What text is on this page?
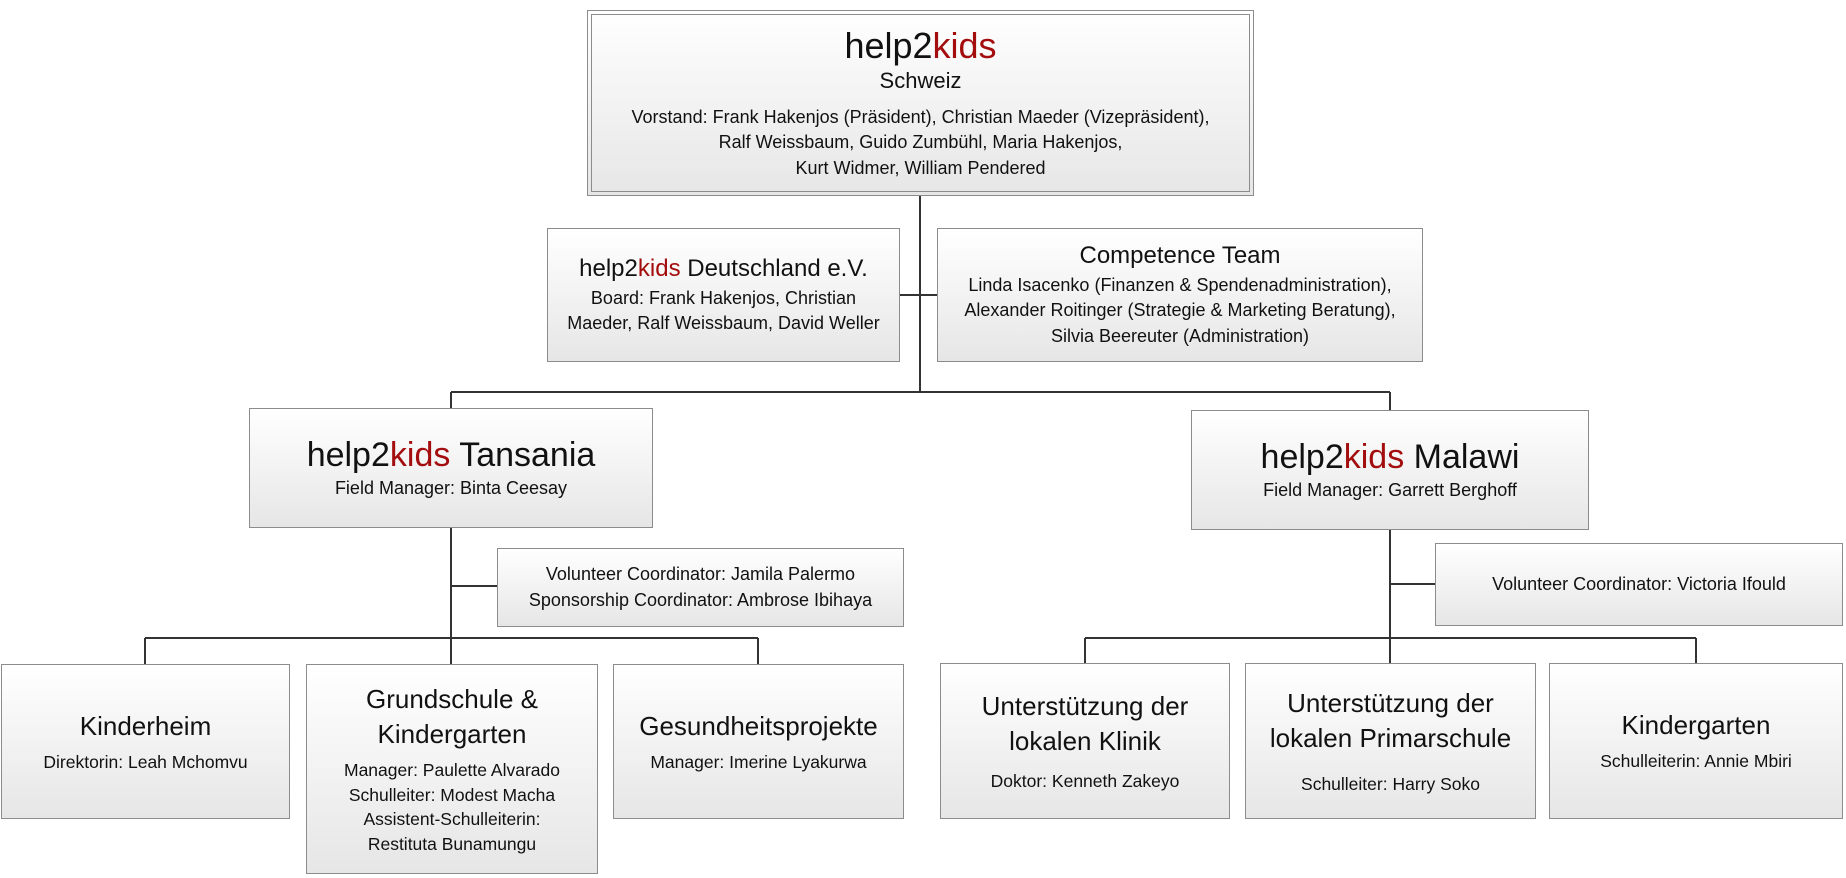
help2kids
Schweiz
Vorstand: Frank Hakenjos (Präsident), Christian Maeder (Vizepräsident),
Ralf Weissbaum, Guido Zumbühl, Maria Hakenjos,
Kurt Widmer, William Pendered
help2kids Deutschland e.V.
Board: Frank Hakenjos, Christian
Maeder, Ralf Weissbaum, David Weller
Competence Team
Linda Isacenko (Finanzen & Spendenadministration),
Alexander Roitinger (Strategie & Marketing Beratung),
Silvia Beereuter (Administration)
help2kids Tansania
Field Manager: Binta Ceesay
Volunteer Coordinator: Jamila Palermo
Sponsorship Coordinator: Ambrose Ibihaya
help2kids Malawi
Field Manager: Garrett Berghoff
Volunteer Coordinator: Victoria Ifould
Kinderheim
Direktorin: Leah Mchomvu
Grundschule &
Kindergarten
Manager: Paulette Alvarado
Schulleiter: Modest Macha
Assistent-Schulleiterin:
Restituta Bunamungu
Gesundheitsprojekte
Manager: Imerine Lyakurwa
Unterstützung der
lokalen Klinik
Doktor: Kenneth Zakeyo
Unterstützung der
lokalen Primarschule
Schulleiter: Harry Soko
Kindergarten
Schulleiterin: Annie Mbiri
